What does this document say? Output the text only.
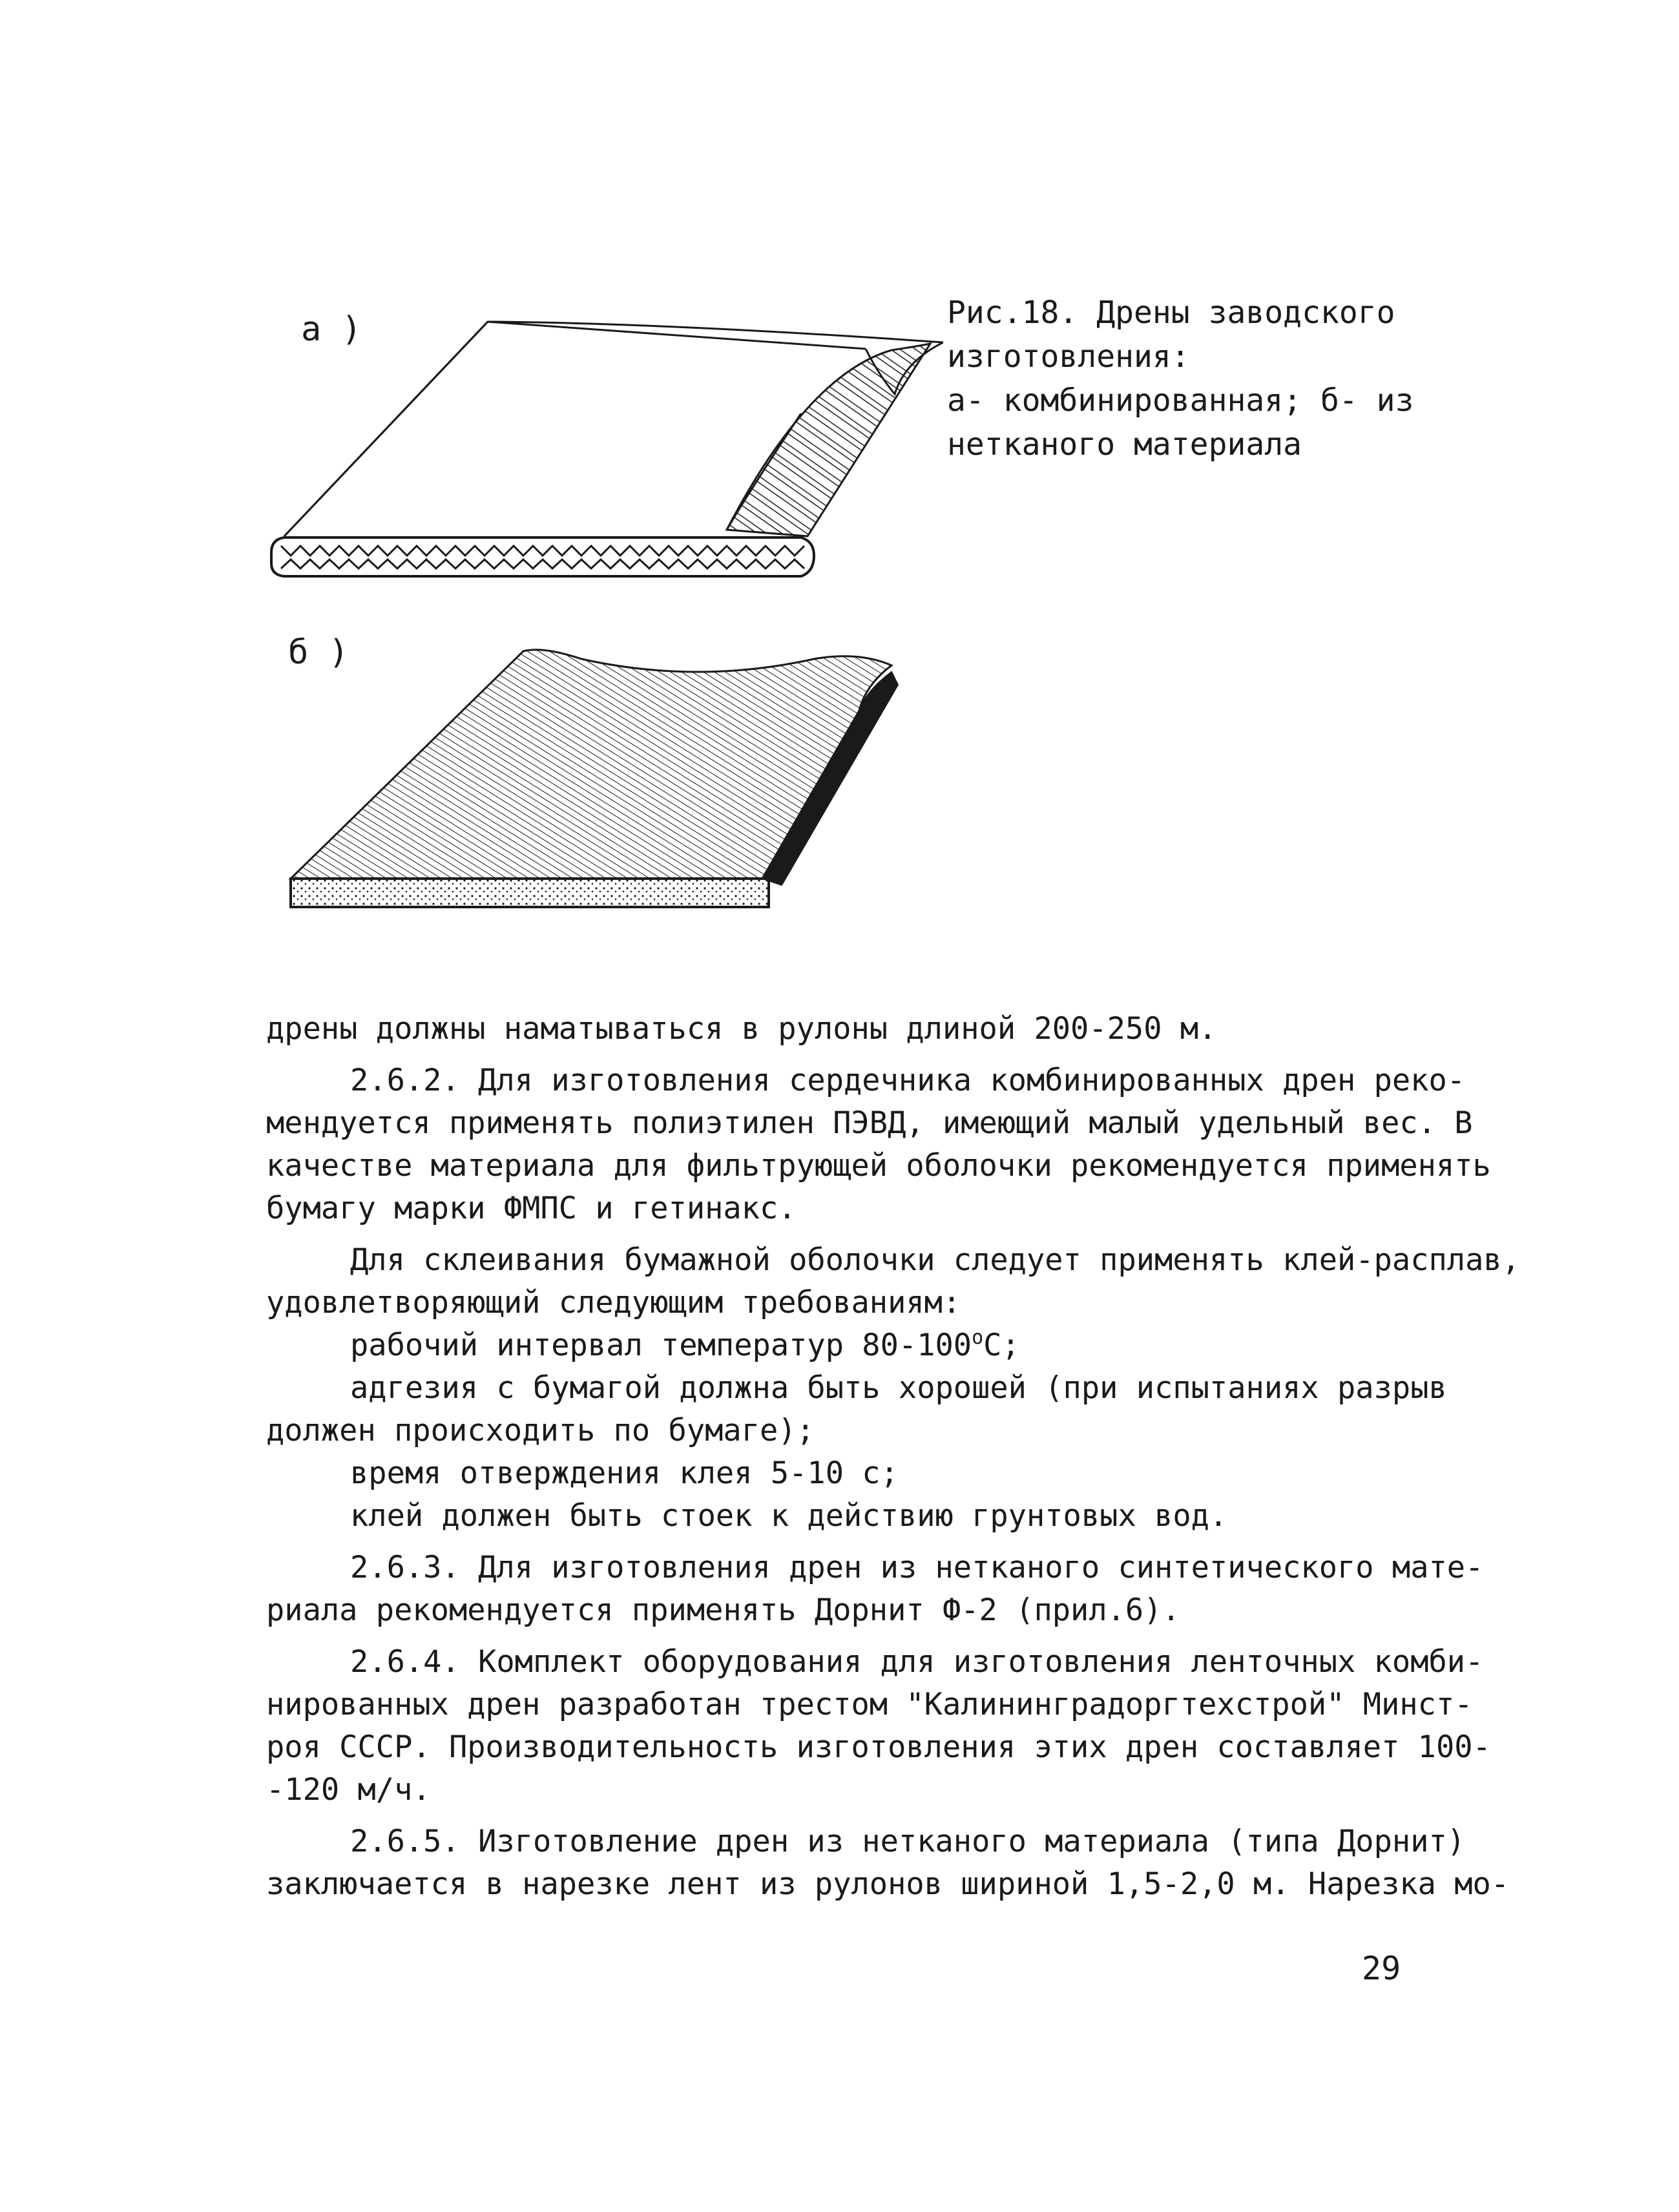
а )
б )
Рис.18. Дрены заводского
изготовления:
а- комбинированная; б- из
нетканого материала
дрены должны наматываться в рулоны длиной 200-250 м.
2.6.2. Для изготовления сердечника комбинированных дрен реко-
мендуется применять полиэтилен ПЭВД, имеющий малый удельный вес. В
качестве материала для фильтрующей оболочки рекомендуется применять
бумагу марки ФМПС и гетинакс.
Для склеивания бумажной оболочки следует применять клей-расплав,
удовлетворяющий следующим требованиям:
рабочий интервал температур $80-100^оС$;
адгезия с бумагой должна быть хорошей (при испытаниях разрыв
должен происходить по бумаге);
время отверждения клея 5-10 с;
клей должен быть стоек к действию грунтовых вод.
2.6.3. Для изготовления дрен из нетканого синтетического мате-
риала рекомендуется применять Дорнит Ф-2 (прил.6).
2.6.4. Комплект оборудования для изготовления ленточных комби-
нированных дрен разработан трестом "Калининградоргтехстрой" Минст-
роя СССР. Производительность изготовления этих дрен составляет 100-
-120 м/ч.
2.6.5. Изготовление дрен из нетканого материала (типа Дорнит)
заключается в нарезке лент из рулонов шириной 1,5-2,0 м. Нарезка мо-
29
